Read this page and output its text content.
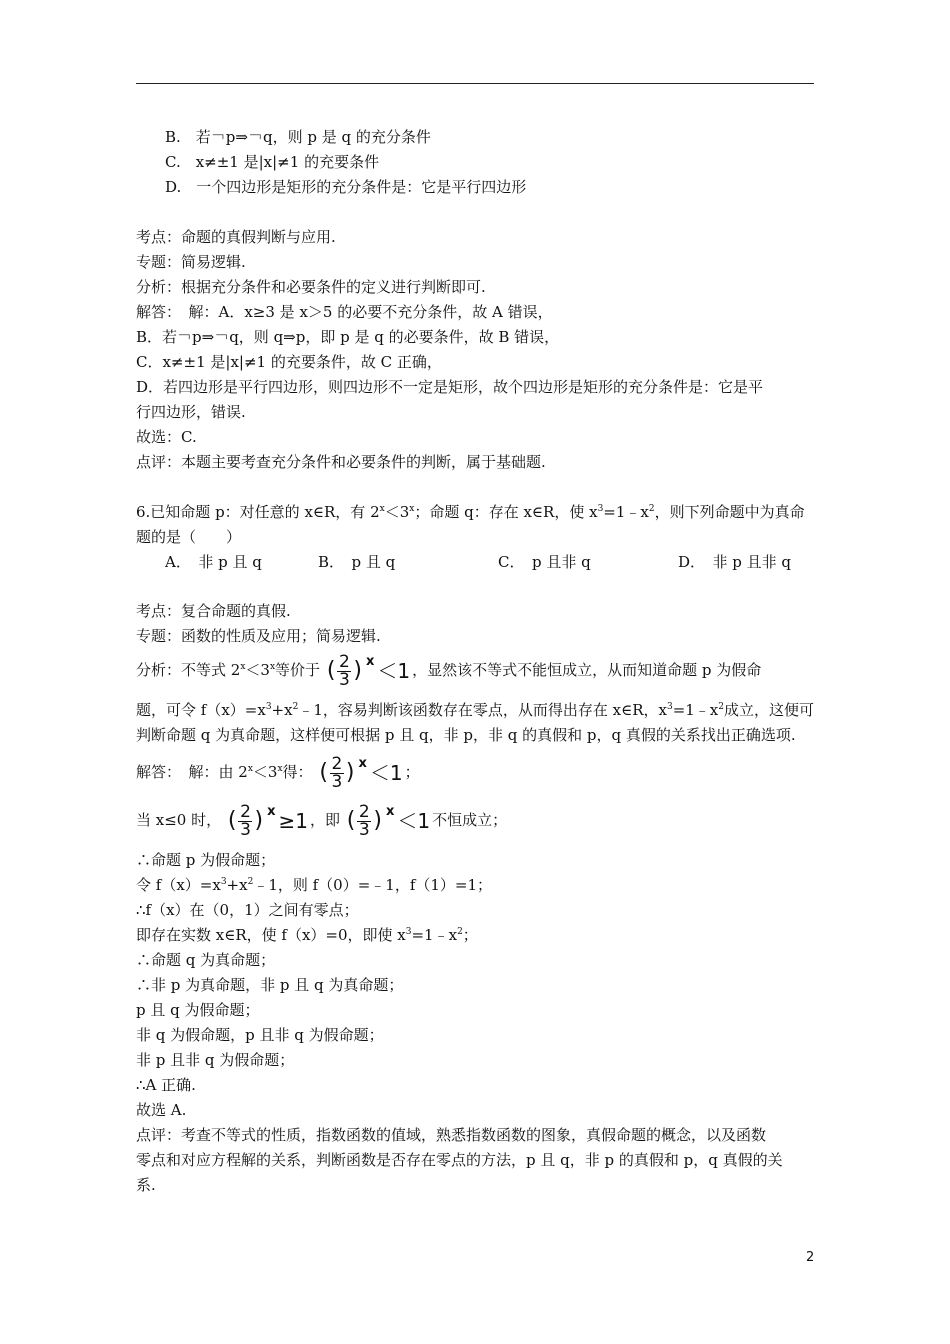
B.　若￢p⇒￢q，则 p 是 q 的充分条件
C.　x≠±1 是|x|≠1 的充要条件
D.　一个四边形是矩形的充分条件是：它是平行四边形
考点：命题的真假判断与应用.
专题：简易逻辑.
分析：根据充分条件和必要条件的定义进行判断即可.
解答：　解：A．x≥3 是 x＞5 的必要不充分条件，故 A 错误，
B．若￢p⇒￢q，则 q⇒p，即 p 是 q 的必要条件，故 B 错误，
C．x≠±1 是|x|≠1 的充要条件，故 C 正确，
D．若四边形是平行四边形，则四边形不一定是矩形，故个四边形是矩形的充分条件是：它是平
行四边形，错误.
故选：C.
点评：本题主要考查充分条件和必要条件的判断，属于基础题.
6.已知命题 p：对任意的 x∈R，有 $2^x<3^x$；命题 q：存在 x∈R，使 $x^3=1﹣x^2$，则下列命题中为真命
题的是（　　）
A．　非 p 且 q	B．　p 且 q	C．　p 且非 q	D．　非 p 且非 q
考点：复合命题的真假.
专题：函数的性质及应用；简易逻辑.
分析：不等式 $2^x<3^x$等价于 ( 2
3 ) x ＜1 ，显然该不等式不能恒成立，从而知道命题 p 为假命
题，可令 $f(x)=x^3+x^2﹣1$，容易判断该函数存在零点，从而得出存在 x∈R，$x^3=1﹣x^2$成立，这便可
判断命题 q 为真命题，这样便可根据 p 且 q，非 p，非 q 的真假和 p，q 真假的关系找出正确选项.
解答：　解：由 $2^x<3^x$得： ( 2
3 ) x ＜1 ；
当 x≤0 时， ( 2
3 ) x ≥1 ，即 ( 2
3 ) x ＜1 不恒成立；
∴命题 p 为假命题；
令 $f(x)=x^3+x^2﹣1$，则 f（0）=﹣1，f（1）=1；
∴f（x）在（0，1）之间有零点；
即存在实数 x∈R，使 f（x）=0，即使 $x^3=1﹣x^2$；
∴命题 q 为真命题；
∴非 p 为真命题，非 p 且 q 为真命题；
p 且 q 为假命题；
非 q 为假命题，p 且非 q 为假命题；
非 p 且非 q 为假命题；
∴A 正确.
故选 A.
点评：考查不等式的性质，指数函数的值域，熟悉指数函数的图象，真假命题的概念，以及函数
零点和对应方程解的关系，判断函数是否存在零点的方法，p 且 q，非 p 的真假和 p，q 真假的关
系.
2
